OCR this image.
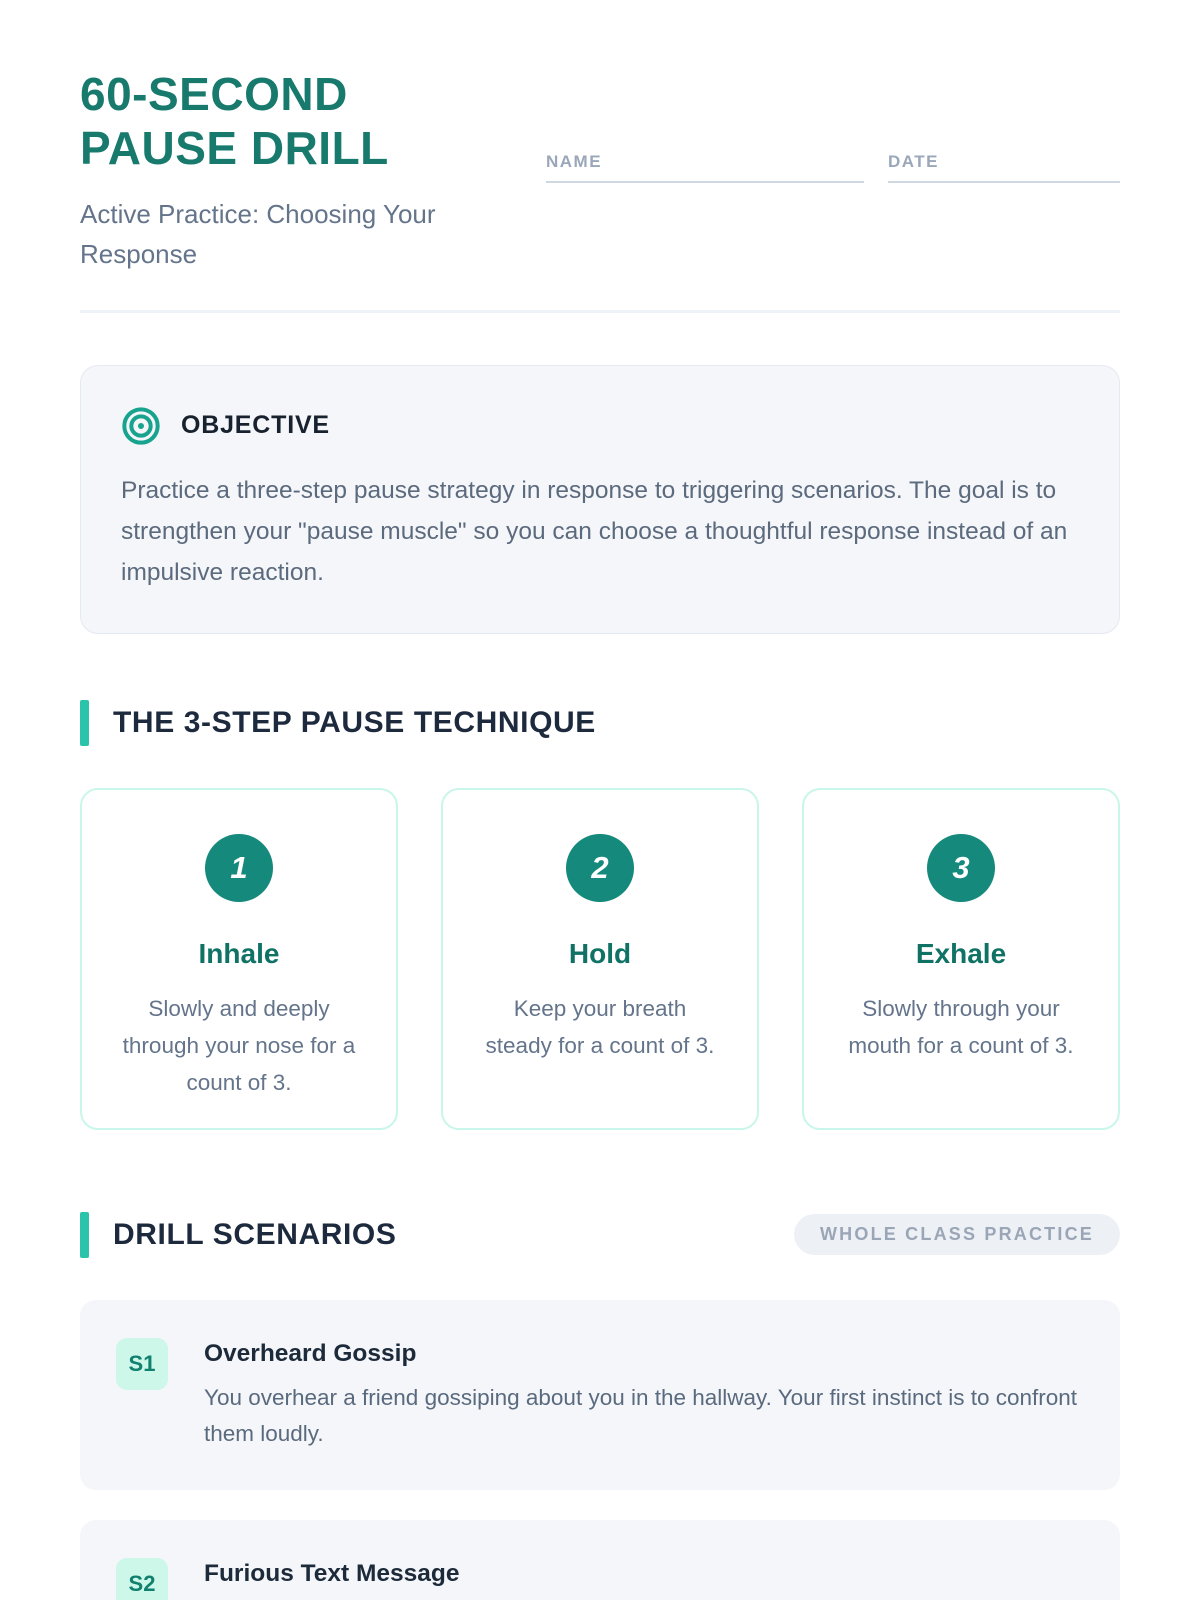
60-SECOND
PAUSE DRILL

Active Practice: Choosing Your Response

NAME	DATE
OBJECTIVE

Practice a three-step pause strategy in response to triggering scenarios. The goal is to strengthen your "pause muscle" so you can choose a thoughtful response instead of an impulsive reaction.

THE 3-STEP PAUSE TECHNIQUE
1
Inhale
Slowly and deeply through your nose for a count of 3.
2
Hold
Keep your breath steady for a count of 3.
3
Exhale
Slowly through your mouth for a count of 3.
DRILL SCENARIOS	WHOLE CLASS PRACTICE
S1	Overheard Gossip

You overhear a friend gossiping about you in the hallway. Your first instinct is to confront them loudly.

S2	Furious Text Message
